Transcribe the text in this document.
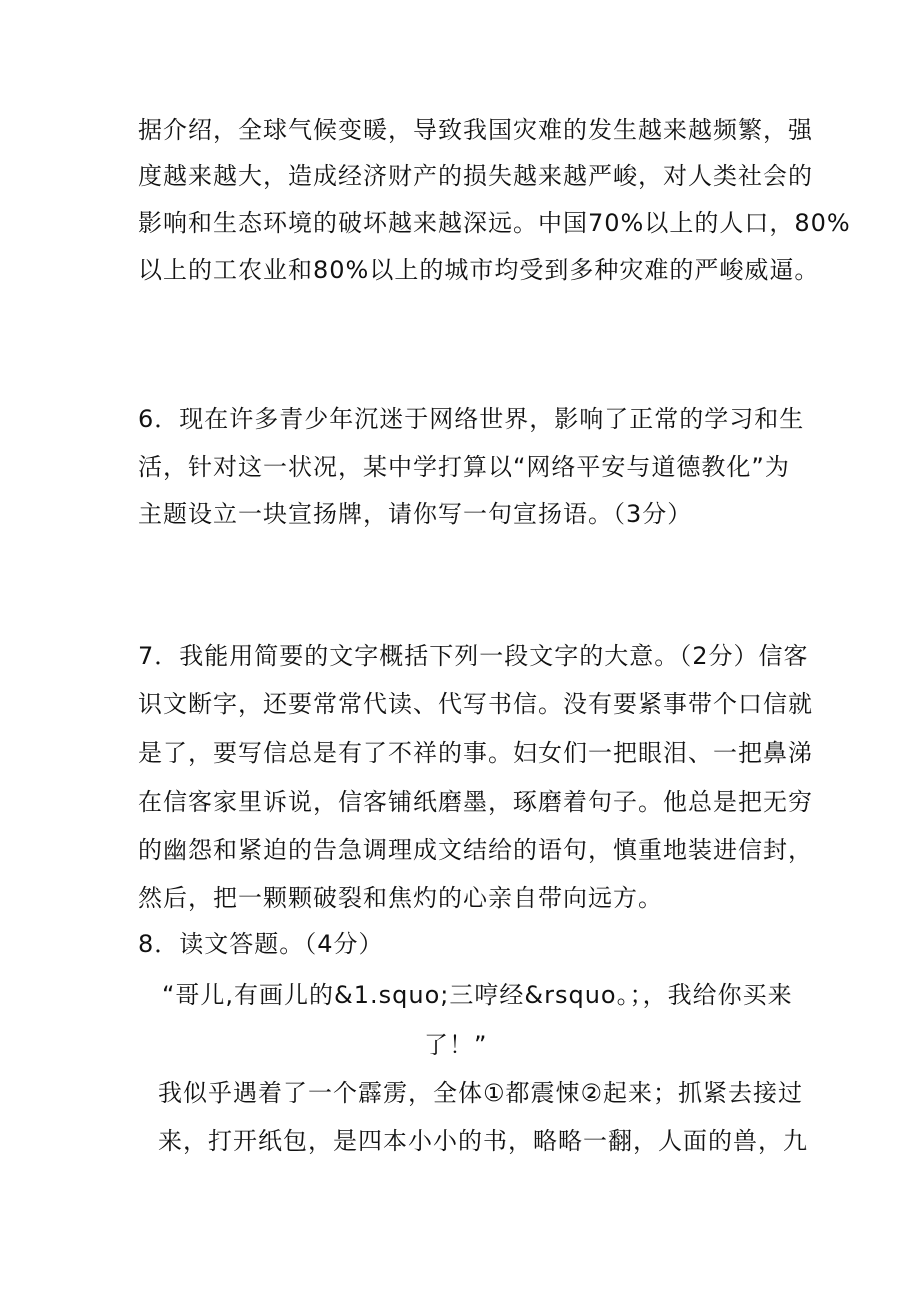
据介绍，全球气候变暖，导致我国灾难的发生越来越频繁，强
度越来越大，造成经济财产的损失越来越严峻，对人类社会的
影响和生态环境的破坏越来越深远。中国70%以上的人口，80%
以上的工农业和80%以上的城市均受到多种灾难的严峻威逼。
6．现在许多青少年沉迷于网络世界，影响了正常的学习和生
活，针对这一状况，某中学打算以“网络平安与道德教化”为
主题设立一块宣扬牌，请你写一句宣扬语。（3分）
7．我能用简要的文字概括下列一段文字的大意。（2分）信客
识文断字，还要常常代读、代写书信。没有要紧事带个口信就
是了，要写信总是有了不祥的事。妇女们一把眼泪、一把鼻涕
在信客家里诉说，信客铺纸磨墨，琢磨着句子。他总是把无穷
的幽怨和紧迫的告急调理成文结给的语句，慎重地装进信封，
然后，把一颗颗破裂和焦灼的心亲自带向远方。
8．读文答题。（4分）
“哥儿,有画儿的&1.squo;三哼经&rsquo。；，我给你买来
了！”
我似乎遇着了一个霹雳，全体①都震悚②起来；抓紧去接过
来，打开纸包，是四本小小的书，略略一翻，人面的兽，九
